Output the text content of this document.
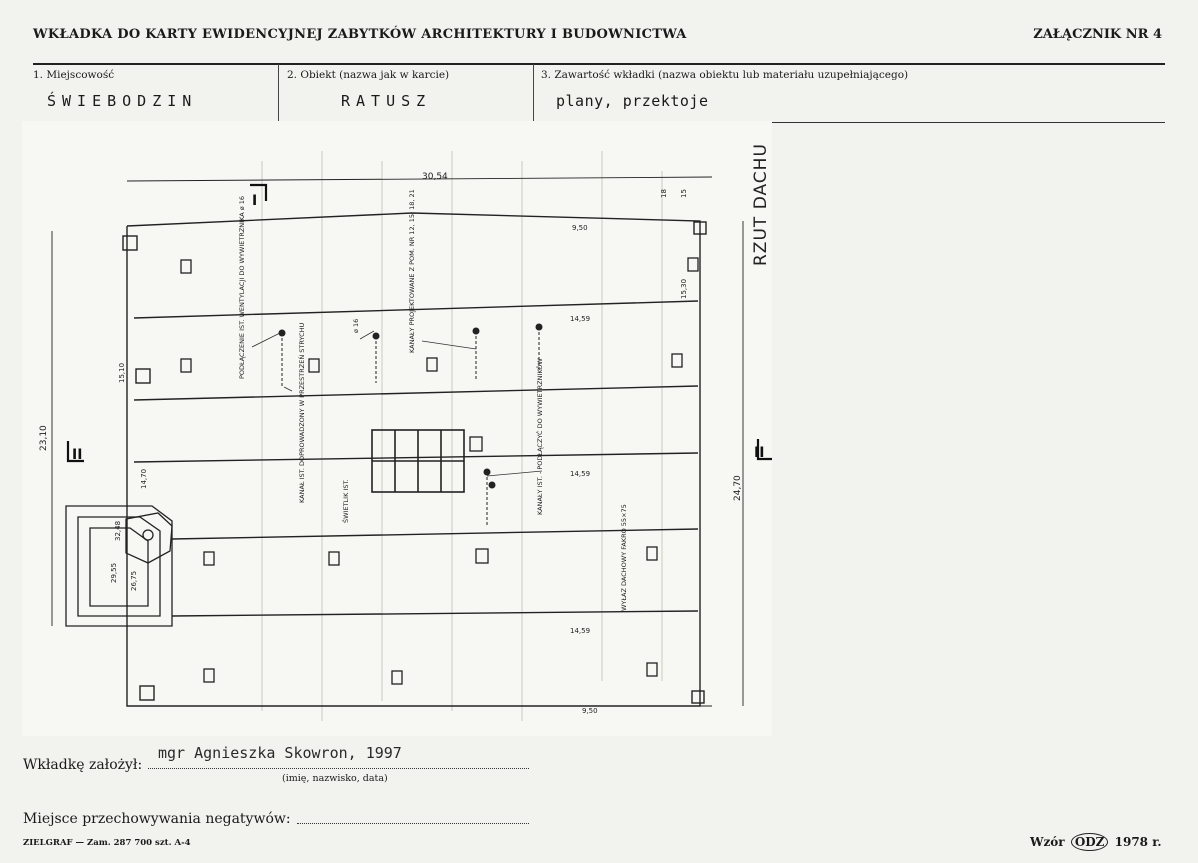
WKŁADKA DO KARTY EWIDENCYJNEJ ZABYTKÓW ARCHITEKTURY I BUDOWNICTWA	ZAŁĄCZNIK NR 4
1. Miejscowość	2. Obiekt (nazwa jak w karcie)	3. Zawartość wkładki (nazwa obiektu lub materiału uzupełniającego)
ŚWIEBODZIN	RATUSZ	plany, przektoje
I
II	II
30,54
23,10
24,70
9,50
9,50
14,59
14,59
14,59
15,30
15,10
14,70
32,48
29,55 26,75
18 15
PODŁĄCZENIE IST. WENTYLACJI DO WYWIETRZNIKA ø 16	KANAŁY PROJEKTOWANE Z POM. NR 12, 15, 18, 21
ø 16
KANAŁ IST. DOPROWADZONY W PRZESTRZEŃ STRYCHU	ŚWIETLIK IST.	KANAŁY IST. - PODŁĄCZYĆ DO WYWIETRZNIKÓW
WYŁAZ DACHOWY FAKRO 55×75
RZUT DACHU
Wkładkę założył:
mgr Agnieszka Skowron, 1997
(imię, nazwisko, data)
Miejsce przechowywania negatywów:
ZIELGRAF — Zam. 287 700 szt. A-4	Wzór ODZ 1978 r.
